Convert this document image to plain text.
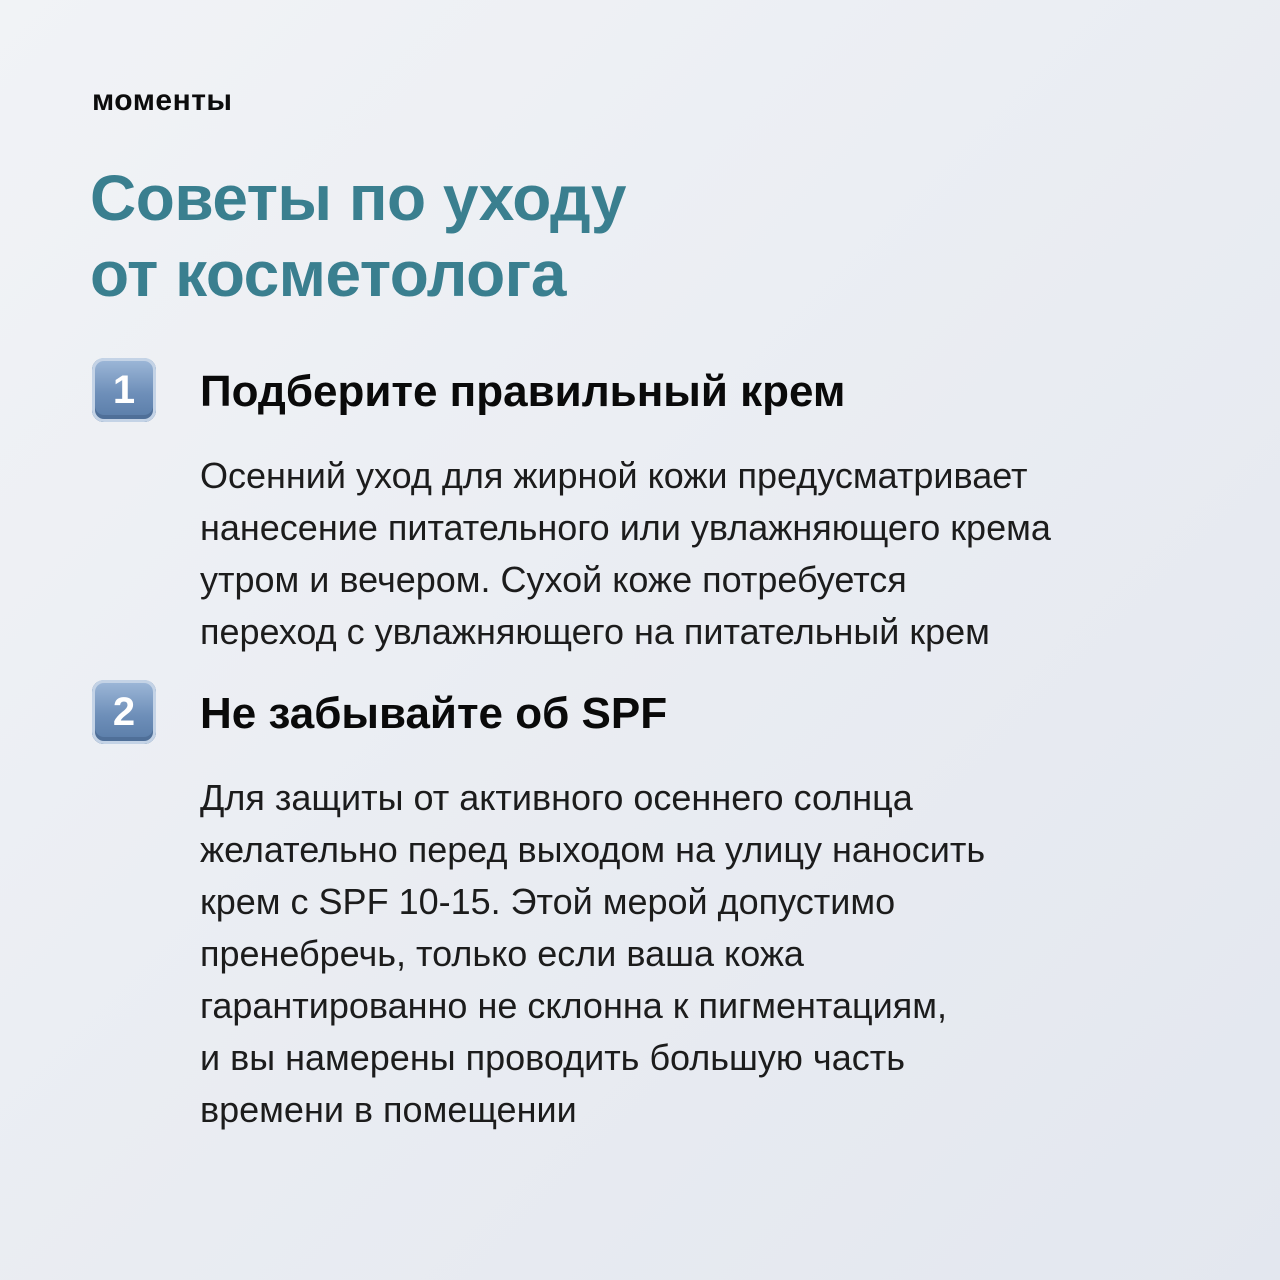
моменты
Советы по уходу
от косметолога
1	Подберите правильный крем
Осенний уход для жирной кожи предусматривает
нанесение питательного или увлажняющего крема
утром и вечером. Сухой коже потребуется
переход с увлажняющего на питательный крем
2	Не забывайте об SPF
Для защиты от активного осеннего солнца
желательно перед выходом на улицу наносить
крем с SPF 10-15. Этой мерой допустимо
пренебречь, только если ваша кожа
гарантированно не склонна к пигментациям,
и вы намерены проводить большую часть
времени в помещении
